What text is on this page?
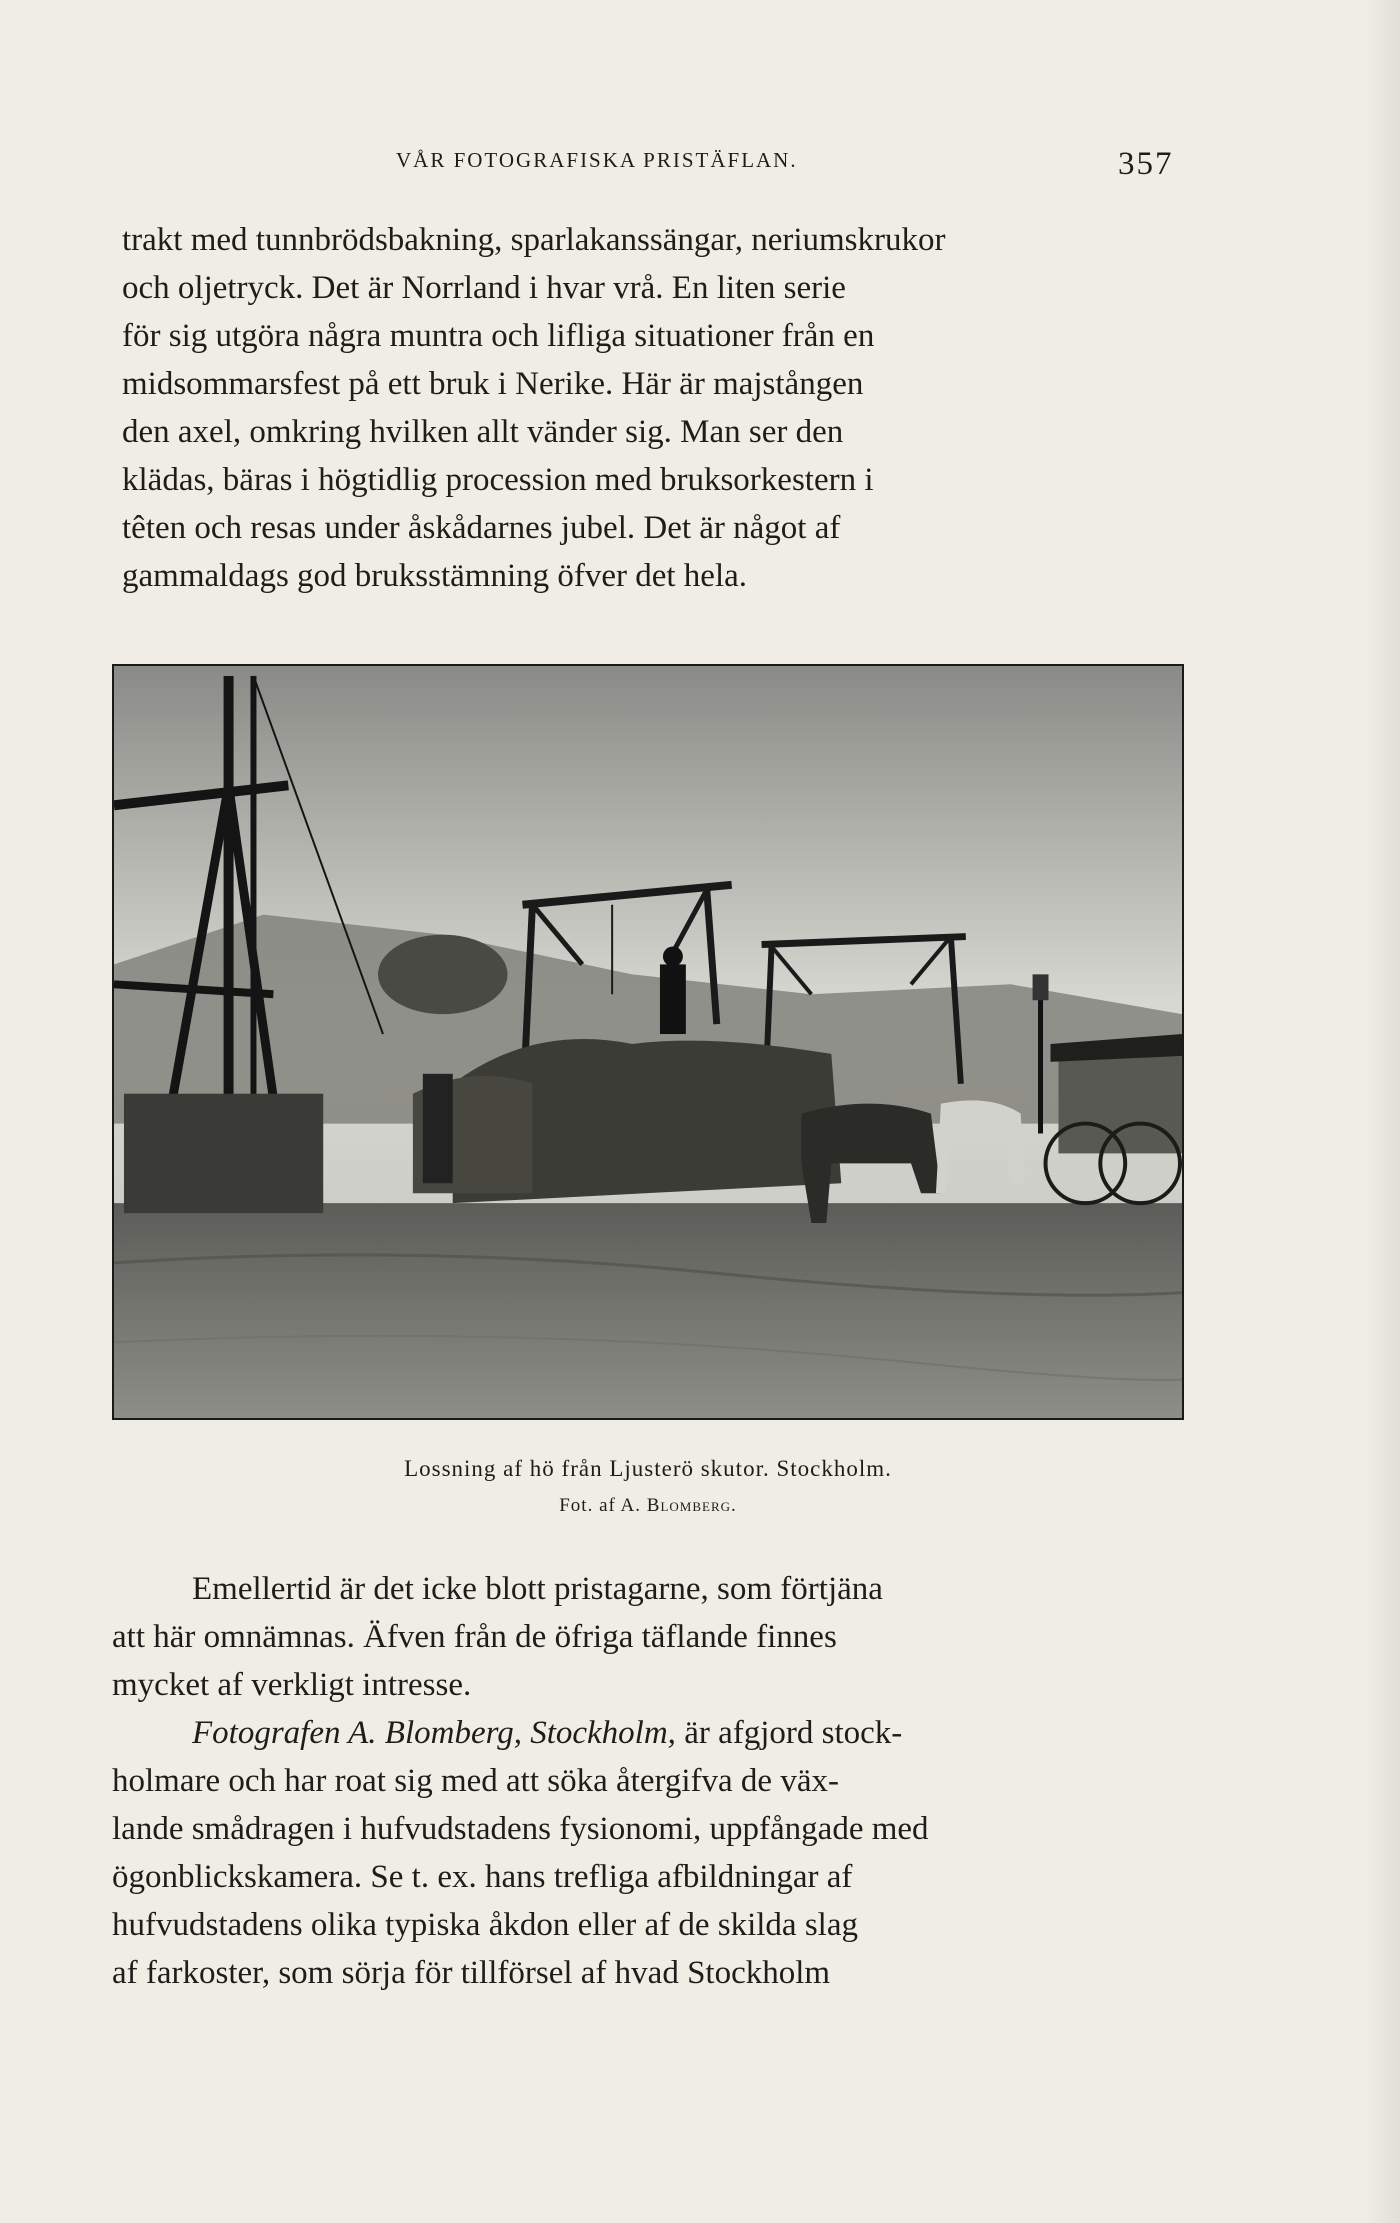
VÅR FOTOGRAFISKA PRISTÄFLAN.	357

trakt med tunnbrödsbakning, sparlakanssängar, neriumskrukor
och oljetryck. Det är Norrland i hvar vrå. En liten serie
för sig utgöra några muntra och lifliga situationer från en
midsommarsfest på ett bruk i Nerike. Här är majstången
den axel, omkring hvilken allt vänder sig. Man ser den
klädas, bäras i högtidlig procession med bruksorkestern i
têten och resas under åskådarnes jubel. Det är något af
gammaldags god bruksstämning öfver det hela.

Lossning af hö från Ljusterö skutor. Stockholm.
Fot. af A. Blomberg.

Emellertid är det icke blott pristagarne, som förtjäna
att här omnämnas. Äfven från de öfriga täflande finnes
mycket af verkligt intresse.
Fotografen A. Blomberg, Stockholm, är afgjord stock-
holmare och har roat sig med att söka återgifva de väx-
lande smådragen i hufvudstadens fysionomi, uppfångade med
ögonblickskamera. Se t. ex. hans trefliga afbildningar af
hufvudstadens olika typiska åkdon eller af de skilda slag
af farkoster, som sörja för tillförsel af hvad Stockholm
